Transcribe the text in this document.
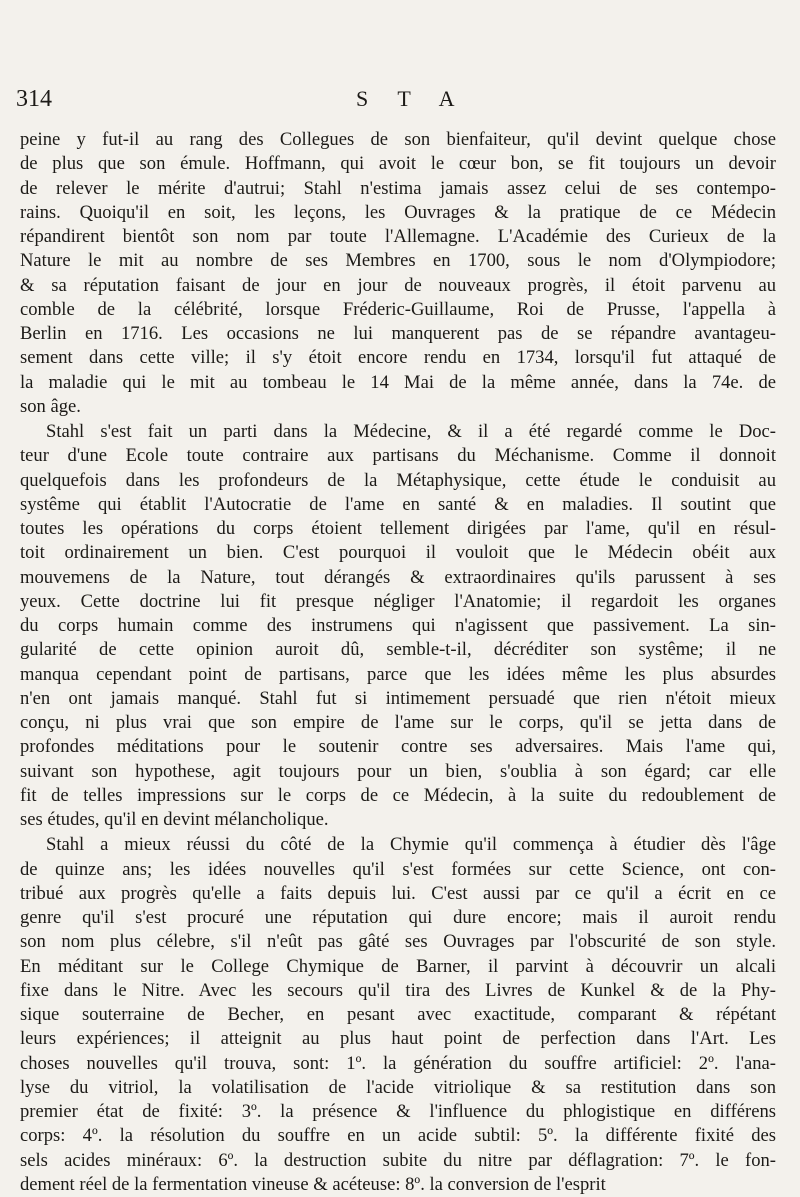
314	S T A
peine y fut-il au rang des Collegues de son bienfaiteur, qu'il devint quelque chose
de plus que son émule. Hoffmann, qui avoit le cœur bon, se fit toujours un devoir
de relever le mérite d'autrui; Stahl n'estima jamais assez celui de ses contempo-
rains. Quoiqu'il en soit, les leçons, les Ouvrages & la pratique de ce Médecin
répandirent bientôt son nom par toute l'Allemagne. L'Académie des Curieux de la
Nature le mit au nombre de ses Membres en 1700, sous le nom d'Olympiodore;
& sa réputation faisant de jour en jour de nouveaux progrès, il étoit parvenu au
comble de la célébrité, lorsque Fréderic-Guillaume, Roi de Prusse, l'appella à
Berlin en 1716. Les occasions ne lui manquerent pas de se répandre avantageu-
sement dans cette ville; il s'y étoit encore rendu en 1734, lorsqu'il fut attaqué de
la maladie qui le mit au tombeau le 14 Mai de la même année, dans la 74e. de
son âge.
Stahl s'est fait un parti dans la Médecine, & il a été regardé comme le Doc-
teur d'une Ecole toute contraire aux partisans du Méchanisme. Comme il donnoit
quelquefois dans les profondeurs de la Métaphysique, cette étude le conduisit au
systême qui établit l'Autocratie de l'ame en santé & en maladies. Il soutint que
toutes les opérations du corps étoient tellement dirigées par l'ame, qu'il en résul-
toit ordinairement un bien. C'est pourquoi il vouloit que le Médecin obéit aux
mouvemens de la Nature, tout dérangés & extraordinaires qu'ils parussent à ses
yeux. Cette doctrine lui fit presque négliger l'Anatomie; il regardoit les organes
du corps humain comme des instrumens qui n'agissent que passivement. La sin-
gularité de cette opinion auroit dû, semble-t-il, décréditer son systême; il ne
manqua cependant point de partisans, parce que les idées même les plus absurdes
n'en ont jamais manqué. Stahl fut si intimement persuadé que rien n'étoit mieux
conçu, ni plus vrai que son empire de l'ame sur le corps, qu'il se jetta dans de
profondes méditations pour le soutenir contre ses adversaires. Mais l'ame qui,
suivant son hypothese, agit toujours pour un bien, s'oublia à son égard; car elle
fit de telles impressions sur le corps de ce Médecin, à la suite du redoublement de
ses études, qu'il en devint mélancholique.
Stahl a mieux réussi du côté de la Chymie qu'il commença à étudier dès l'âge
de quinze ans; les idées nouvelles qu'il s'est formées sur cette Science, ont con-
tribué aux progrès qu'elle a faits depuis lui. C'est aussi par ce qu'il a écrit en ce
genre qu'il s'est procuré une réputation qui dure encore; mais il auroit rendu
son nom plus célebre, s'il n'eût pas gâté ses Ouvrages par l'obscurité de son style.
En méditant sur le College Chymique de Barner, il parvint à découvrir un alcali
fixe dans le Nitre. Avec les secours qu'il tira des Livres de Kunkel & de la Phy-
sique souterraine de Becher, en pesant avec exactitude, comparant & répétant
leurs expériences; il atteignit au plus haut point de perfection dans l'Art. Les
choses nouvelles qu'il trouva, sont: 1º. la génération du souffre artificiel: 2º. l'ana-
lyse du vitriol, la volatilisation de l'acide vitriolique & sa restitution dans son
premier état de fixité: 3º. la présence & l'influence du phlogistique en différens
corps: 4º. la résolution du souffre en un acide subtil: 5º. la différente fixité des
sels acides minéraux: 6º. la destruction subite du nitre par déflagration: 7º. le fon-
dement réel de la fermentation vineuse & acéteuse: 8º. la conversion de l'esprit
